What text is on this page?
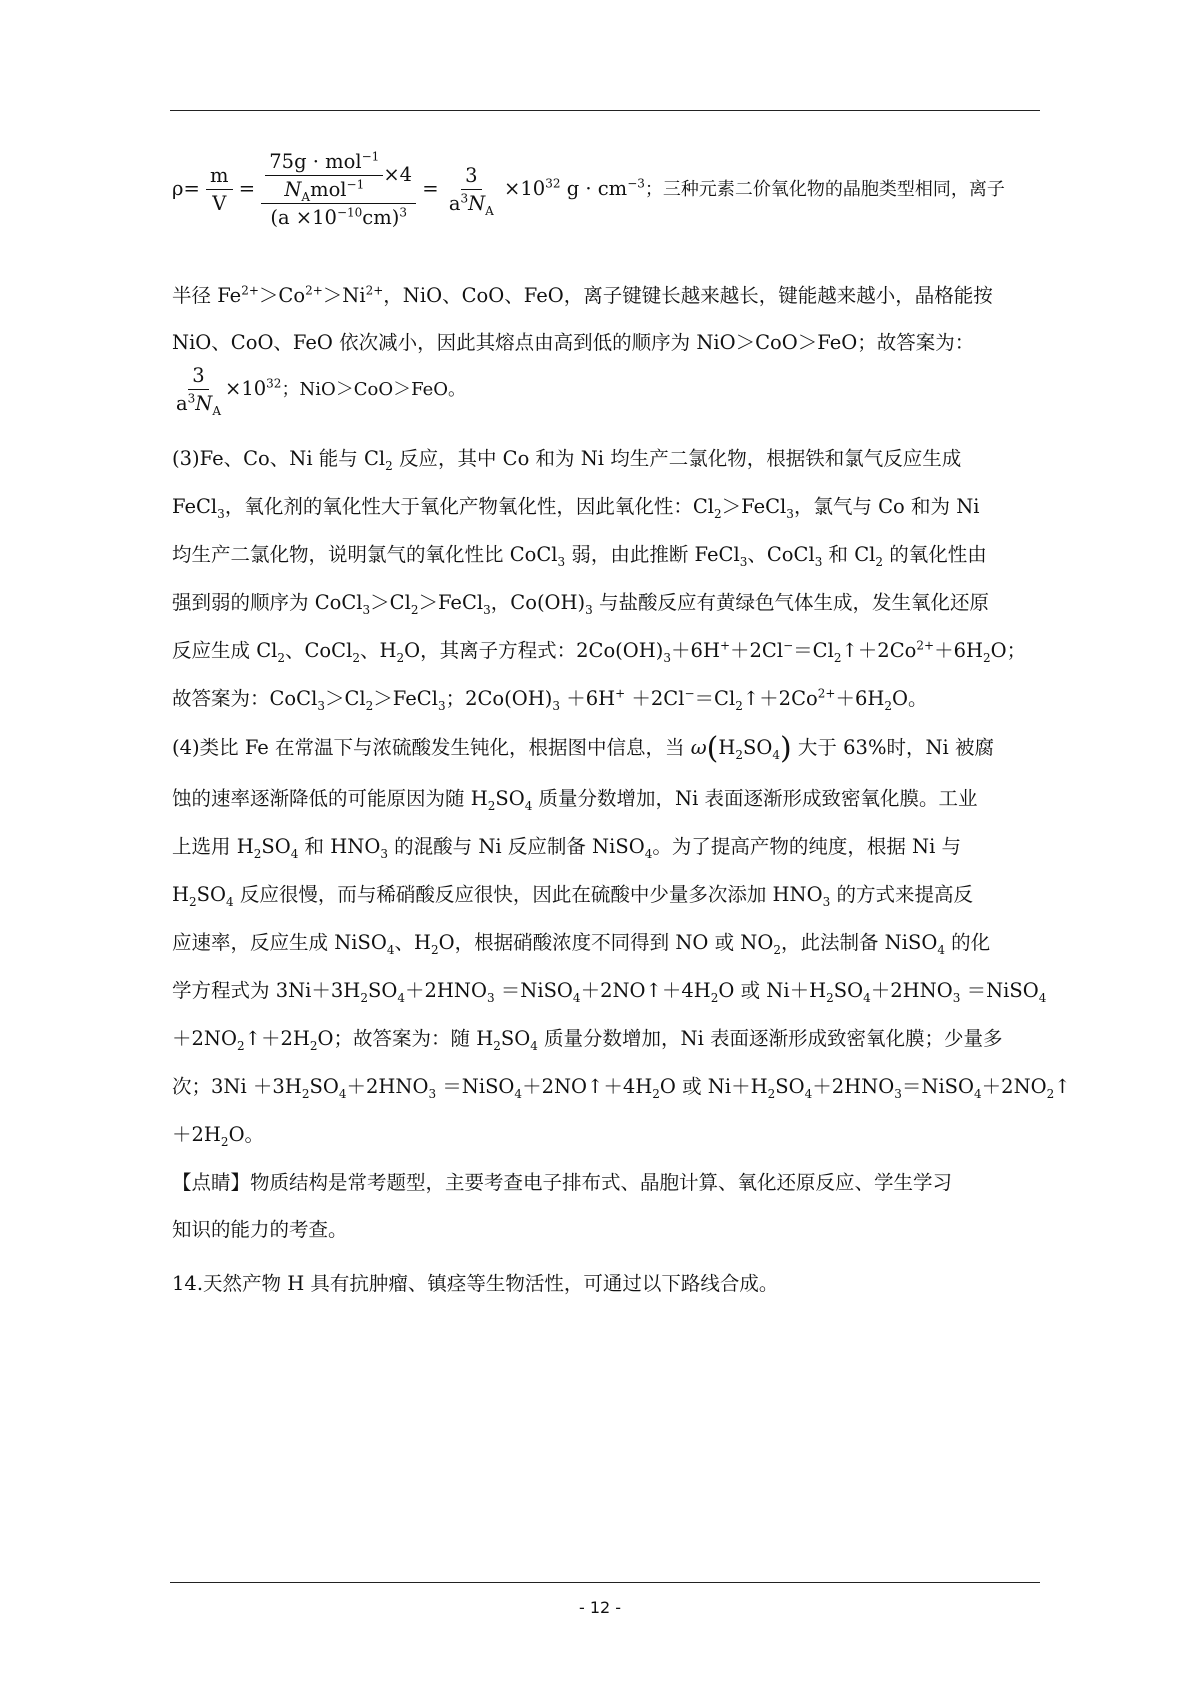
$\rho= \frac{m}{V} = \frac{\frac{75g \cdot mol^{-1}}{N_Amol^{-1}} \times 4}{(a \times 10^{-10}cm)^3} = \frac{3}{a^3N_A} \times 10^{32}$ $g \cdot cm^{-3}$；三种元素二价氧化物的晶胞类型相同，离子
半径 $Fe^{2+}>Co^{2+}>Ni^{2+}$，NiO、CoO、FeO，离子键键长越来越长，键能越来越小，晶格能按
NiO、CoO、FeO 依次减小，因此其熔点由高到低的顺序为 NiO＞CoO＞FeO；故答案为：
$\frac{3}{a^3N_A} \times 10^{32}$；NiO＞CoO＞FeO。
(3)Fe、Co、Ni 能与 $Cl_2$ 反应，其中 Co 和为 Ni 均生产二氯化物，根据铁和氯气反应生成
FeCl$_3$，氧化剂的氧化性大于氧化产物氧化性，因此氧化性：$Cl_2>FeCl_3$，氯气与 Co 和为 Ni
均生产二氯化物，说明氯气的氧化性比 CoCl$_3$ 弱，由此推断 FeCl$_3$、CoCl$_3$ 和 $Cl_2$ 的氧化性由
强到弱的顺序为 $CoCl_3>Cl_2>FeCl_3$，$Co(OH)_3$ 与盐酸反应有黄绿色气体生成，发生氧化还原
反应生成 $Cl_2$、CoCl$_2$、$H_2O$，其离子方程式：$2Co(OH)_3+6H^++2Cl^-=Cl_2↑+2Co^{2+}+6H_2O$；
故答案为：$CoCl_3>Cl_2>FeCl_3$；$2Co(OH)_3 +6H^+$ $+2Cl^-=Cl_2↑+2Co^{2+}+6H_2O$。
(4)类比 Fe 在常温下与浓硫酸发生钝化，根据图中信息，当 $\omega(H_2SO_4)$ 大于 63%时，Ni 被腐
蚀的速率逐渐降低的可能原因为随 $H_2SO_4$ 质量分数增加，Ni 表面逐渐形成致密氧化膜。工业
上选用 $H_2SO_4$ 和 $HNO_3$ 的混酸与 Ni 反应制备 NiSO$_4$。为了提高产物的纯度，根据 Ni 与
$H_2SO_4$ 反应很慢，而与稀硝酸反应很快，因此在硫酸中少量多次添加 $HNO_3$ 的方式来提高反
应速率，反应生成 NiSO$_4$、$H_2O$，根据硝酸浓度不同得到 NO 或 $NO_2$，此法制备 NiSO$_4$ 的化
学方程式为 $3Ni+3H_2SO_4+2HNO_3$ $=NiSO_4+2NO↑+4H_2O$ 或 $Ni+H_2SO_4+2HNO_3$ ＝NiSO$_4$
$+2NO_2↑+2H_2O$；故答案为：随 $H_2SO_4$ 质量分数增加，Ni 表面逐渐形成致密氧化膜；少量多
次；$3Ni +3H_2SO_4+2HNO_3$ $=NiSO_4+2NO↑+4H_2O$ 或 $Ni+H_2SO_4+2HNO_3=NiSO_4+2NO_2↑$
$+2H_2O$。
【点睛】物质结构是常考题型，主要考查电子排布式、晶胞计算、氧化还原反应、学生学习
知识的能力的考查。
14.天然产物 H 具有抗肿瘤、镇痉等生物活性，可通过以下路线合成。
- 12 -
